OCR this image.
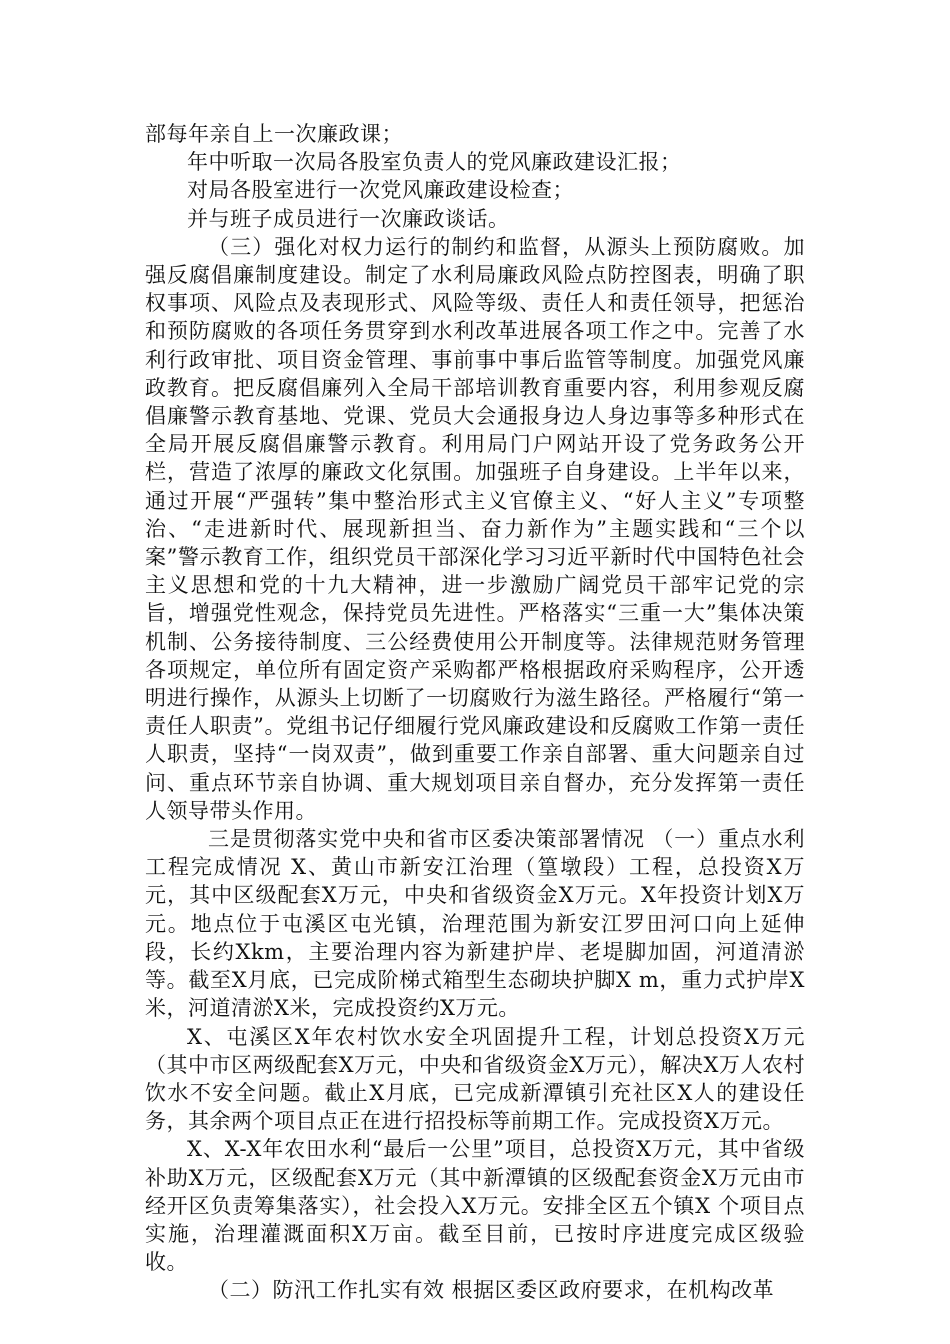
部每年亲自上一次廉政课；

年中听取一次局各股室负责人的党风廉政建设汇报；

对局各股室进行一次党风廉政建设检查；

并与班子成员进行一次廉政谈话。

（三）强化对权力运行的制约和监督，从源头上预防腐败。加强反腐倡廉制度建设。制定了水利局廉政风险点防控图表，明确了职权事项、风险点及表现形式、风险等级、责任人和责任领导，把惩治和预防腐败的各项任务贯穿到水利改革进展各项工作之中。完善了水利行政审批、项目资金管理、事前事中事后监管等制度。加强党风廉政教育。把反腐倡廉列入全局干部培训教育重要内容，利用参观反腐倡廉警示教育基地、党课、党员大会通报身边人身边事等多种形式在全局开展反腐倡廉警示教育。利用局门户网站开设了党务政务公开栏，营造了浓厚的廉政文化氛围。加强班子自身建设。上半年以来，通过开展“严强转”集中整治形式主义官僚主义、“好人主义”专项整治、“走进新时代、展现新担当、奋力新作为”主题实践和“三个以案”警示教育工作，组织党员干部深化学习习近平新时代中国特色社会主义思想和党的十九大精神，进一步激励广阔党员干部牢记党的宗旨，增强党性观念，保持党员先进性。严格落实“三重一大”集体决策机制、公务接待制度、三公经费使用公开制度等。法律规范财务管理各项规定，单位所有固定资产采购都严格根据政府采购程序，公开透明进行操作，从源头上切断了一切腐败行为滋生路径。严格履行“第一责任人职责”。党组书记仔细履行党风廉政建设和反腐败工作第一责任人职责，坚持“一岗双责”，做到重要工作亲自部署、重大问题亲自过问、重点环节亲自协调、重大规划项目亲自督办，充分发挥第一责任人领导带头作用。

三是贯彻落实党中央和省市区委决策部署情况 （一）重点水利工程完成情况 X、黄山市新安江治理（篁墩段）工程，总投资X万元，其中区级配套X万元，中央和省级资金X万元。X年投资计划X万元。地点位于屯溪区屯光镇，治理范围为新安江罗田河口向上延伸段，长约Xkm，主要治理内容为新建护岸、老堤脚加固，河道清淤等。截至X月底，已完成阶梯式箱型生态砌块护脚X m，重力式护岸X米，河道清淤X米，完成投资约X万元。

X、屯溪区X年农村饮水安全巩固提升工程，计划总投资X万元（其中市区两级配套X万元，中央和省级资金X万元），解决X万人农村饮水不安全问题。截止X月底，已完成新潭镇引充社区X人的建设任务，其余两个项目点正在进行招投标等前期工作。完成投资X万元。

X、X-X年农田水利“最后一公里”项目，总投资X万元，其中省级补助X万元，区级配套X万元（其中新潭镇的区级配套资金X万元由市经开区负责筹集落实），社会投入X万元。安排全区五个镇X 个项目点实施，治理灌溉面积X万亩。截至目前，已按时序进度完成区级验收。

（二）防汛工作扎实有效 根据区委区政府要求，在机构改革
